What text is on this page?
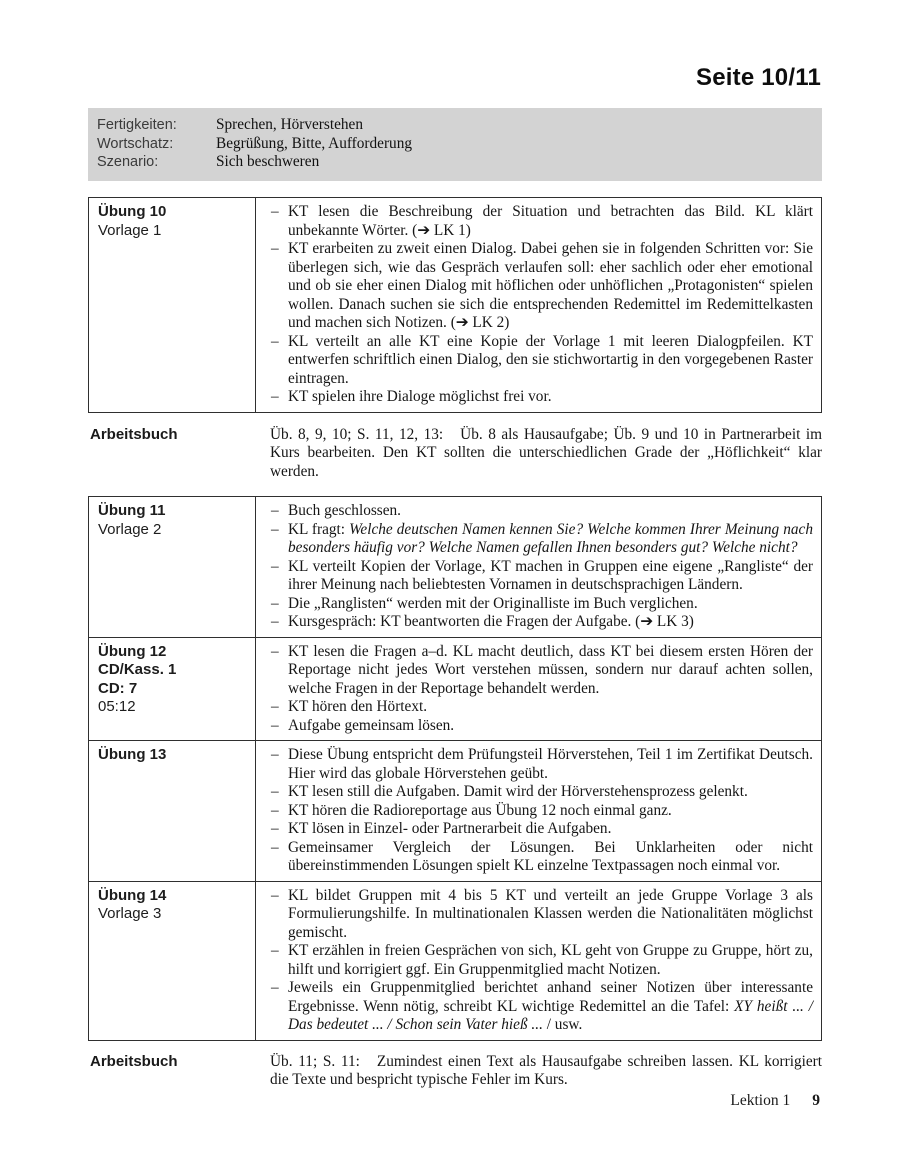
Seite 10/11
Fertigkeiten:	Sprechen, Hörverstehen
Wortschatz:	Begrüßung, Bitte, Aufforderung
Szenario:	Sich beschweren
Übung 10
Vorlage 1
– KT lesen die Beschreibung der Situation und betrachten das Bild. KL klärt unbekannte Wörter. (➔ LK 1)
– KT erarbeiten zu zweit einen Dialog. Dabei gehen sie in folgenden Schritten vor: Sie überlegen sich, wie das Gespräch verlaufen soll: eher sachlich oder eher emotional und ob sie eher einen Dialog mit höflichen oder unhöflichen „Protagonisten“ spielen wollen. Danach suchen sie sich die entsprechenden Redemittel im Redemittelkasten und machen sich Notizen. (➔ LK 2)
– KL verteilt an alle KT eine Kopie der Vorlage 1 mit leeren Dialogpfeilen. KT entwerfen schriftlich einen Dialog, den sie stichwortartig in den vorgegebenen Raster eintragen.
– KT spielen ihre Dialoge möglichst frei vor.
Arbeitsbuch	Üb. 8, 9, 10; S. 11, 12, 13: Üb. 8 als Hausaufgabe; Üb. 9 und 10 in Partnerarbeit im Kurs bearbeiten. Den KT sollten die unterschiedlichen Grade der „Höflichkeit“ klar werden.
Übung 11
Vorlage 2
– Buch geschlossen.
– KL fragt: Welche deutschen Namen kennen Sie? Welche kommen Ihrer Meinung nach besonders häufig vor? Welche Namen gefallen Ihnen besonders gut? Welche nicht?
– KL verteilt Kopien der Vorlage, KT machen in Gruppen eine eigene „Rangliste“ der ihrer Meinung nach beliebtesten Vornamen in deutschsprachigen Ländern.
– Die „Ranglisten“ werden mit der Originalliste im Buch verglichen.
– Kursgespräch: KT beantworten die Fragen der Aufgabe. (➔ LK 3)
Übung 12
CD/Kass. 1
CD: 7
05:12
– KT lesen die Fragen a–d. KL macht deutlich, dass KT bei diesem ersten Hören der Reportage nicht jedes Wort verstehen müssen, sondern nur darauf achten sollen, welche Fragen in der Reportage behandelt werden.
– KT hören den Hörtext.
– Aufgabe gemeinsam lösen.
Übung 13	– Diese Übung entspricht dem Prüfungsteil Hörverstehen, Teil 1 im Zertifikat Deutsch. Hier wird das globale Hörverstehen geübt.
– KT lesen still die Aufgaben. Damit wird der Hörverstehensprozess gelenkt.
– KT hören die Radioreportage aus Übung 12 noch einmal ganz.
– KT lösen in Einzel- oder Partnerarbeit die Aufgaben.
– Gemeinsamer Vergleich der Lösungen. Bei Unklarheiten oder nicht übereinstimmenden Lösungen spielt KL einzelne Textpassagen noch einmal vor.
Übung 14
Vorlage 3
– KL bildet Gruppen mit 4 bis 5 KT und verteilt an jede Gruppe Vorlage 3 als Formulierungshilfe. In multinationalen Klassen werden die Nationalitäten möglichst gemischt.
– KT erzählen in freien Gesprächen von sich, KL geht von Gruppe zu Gruppe, hört zu, hilft und korrigiert ggf. Ein Gruppenmitglied macht Notizen.
– Jeweils ein Gruppenmitglied berichtet anhand seiner Notizen über interessante Ergebnisse. Wenn nötig, schreibt KL wichtige Redemittel an die Tafel: XY heißt ... / Das bedeutet ... / Schon sein Vater hieß ... / usw.
Arbeitsbuch	Üb. 11; S. 11: Zumindest einen Text als Hausaufgabe schreiben lassen. KL korrigiert die Texte und bespricht typische Fehler im Kurs.
Lektion 1 9
